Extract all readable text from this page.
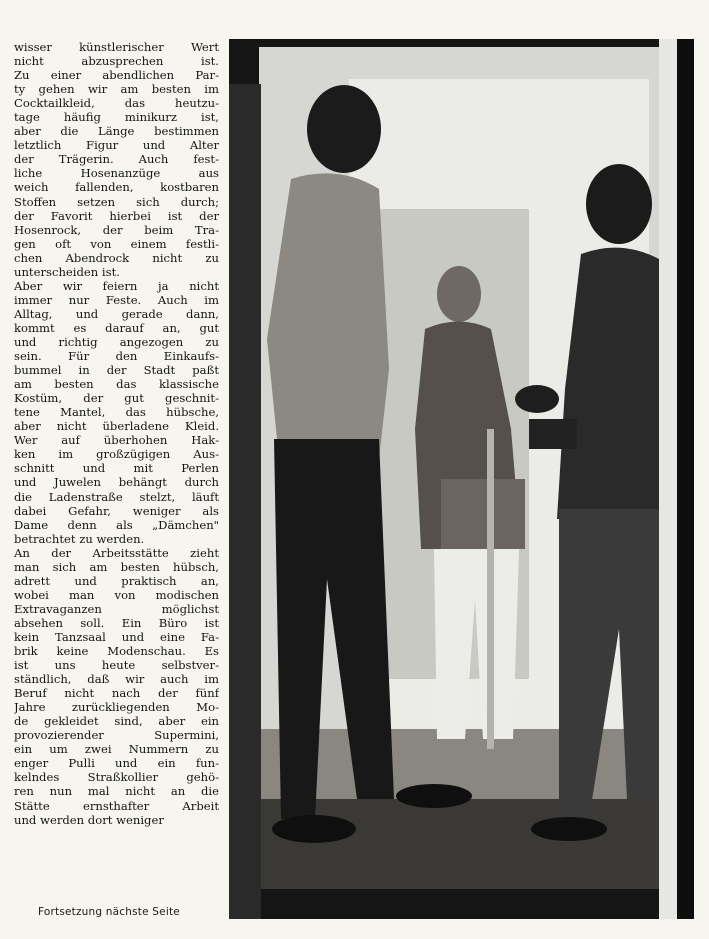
wisser künstlerischer Wert
nicht abzusprechen ist.
Zu einer abendlichen Par-
ty gehen wir am besten im
Cocktailkleid, das heutzu-
tage häufig minikurz ist,
aber die Länge bestimmen
letztlich Figur und Alter
der Trägerin. Auch fest-
liche Hosenanzüge aus
weich fallenden, kostbaren
Stoffen setzen sich durch;
der Favorit hierbei ist der
Hosenrock, der beim Tra-
gen oft von einem festli-
chen Abendrock nicht zu
unterscheiden ist.
Aber wir feiern ja nicht
immer nur Feste. Auch im
Alltag, und gerade dann,
kommt es darauf an, gut
und richtig angezogen zu
sein. Für den Einkaufs-
bummel in der Stadt paßt
am besten das klassische
Kostüm, der gut geschnit-
tene Mantel, das hübsche,
aber nicht überladene Kleid.
Wer auf überhohen Hak-
ken im großzügigen Aus-
schnitt und mit Perlen
und Juwelen behängt durch
die Ladenstraße stelzt, läuft
dabei Gefahr, weniger als
Dame denn als „Dämchen"
betrachtet zu werden.
An der Arbeitsstätte zieht
man sich am besten hübsch,
adrett und praktisch an,
wobei man von modischen
Extravaganzen möglichst
absehen soll. Ein Büro ist
kein Tanzsaal und eine Fa-
brik keine Modenschau. Es
ist uns heute selbstver-
ständlich, daß wir auch im
Beruf nicht nach der fünf
Jahre zurückliegenden Mo-
de gekleidet sind, aber ein
provozierender Supermini,
ein um zwei Nummern zu
enger Pulli und ein fun-
kelndes Straßkollier gehö-
ren nun mal nicht an die
Stätte ernsthafter Arbeit
und werden dort weniger
Fortsetzung nächste Seite
